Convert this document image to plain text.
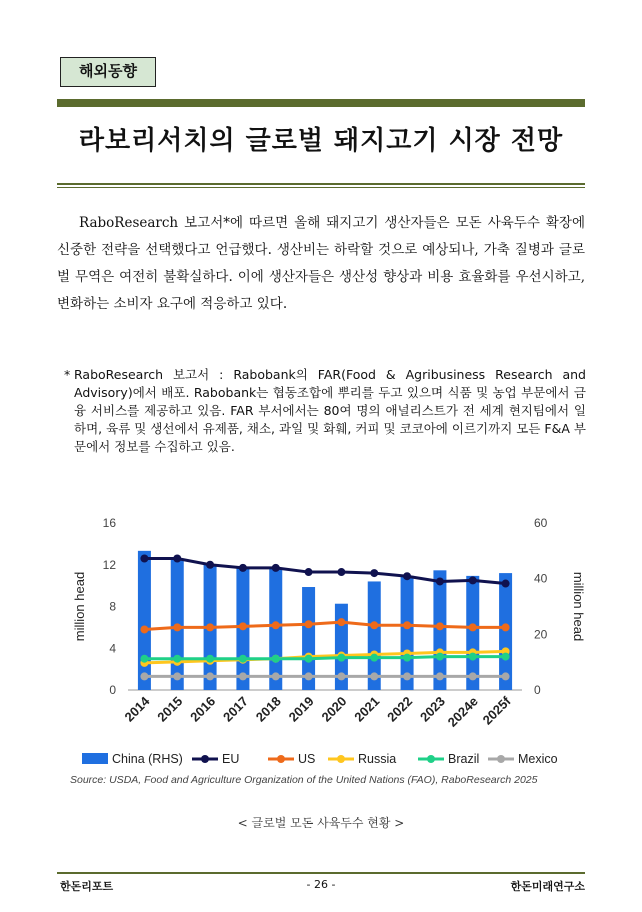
해외동향
라보리서치의 글로벌 돼지고기 시장 전망

RaboResearch 보고서*에 따르면 올해 돼지고기 생산자들은 모돈 사육두수 확장에 신중한 전략을 선택했다고 언급했다. 생산비는 하락할 것으로 예상되나, 가축 질병과 글로벌 무역은 여전히 불확실하다. 이에 생산자들은 생산성 향상과 비용 효율화를 우선시하고, 변화하는 소비자 요구에 적응하고 있다.

* RaboResearch 보고서 : Rabobank의 FAR(Food & Agribusiness Research and Advisory)에서 배포. Rabobank는 협동조합에 뿌리를 두고 있으며 식품 및 농업 부문에서 금융 서비스를 제공하고 있음. FAR 부서에서는 80여 명의 애널리스트가 전 세계 현지팀에서 일하며, 육류 및 생선에서 유제품, 채소, 과일 및 화훼, 커피 및 코코아에 이르기까지 모든 F&A 부문에서 정보를 수집하고 있음.
0
4
8
12
16
0
20
40
60
million head	million head
2014 2015 2016 2017 2018 2019 2020 2021 2022 2023
2024e
2025f
China (RHS)	EU	US	Russia	Brazil	Mexico
Source: USDA, Food and Agriculture Organization of the United Nations (FAO), RaboResearch 2025
< 글로벌 모돈 사육두수 현황 >
한돈리포트	- 26 -	한돈미래연구소
